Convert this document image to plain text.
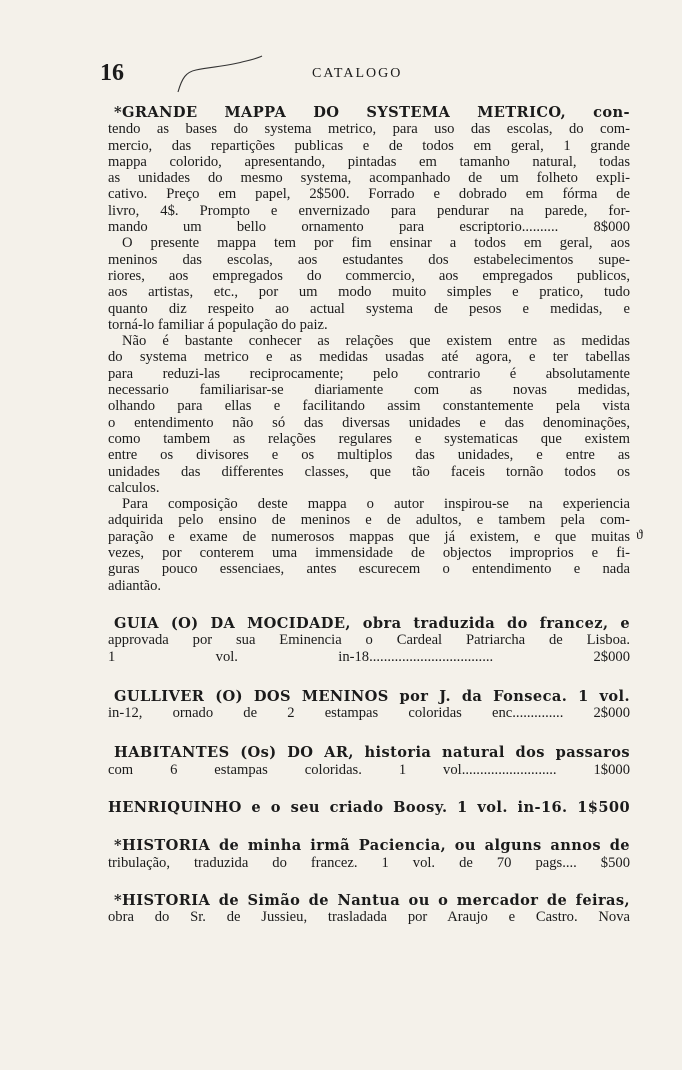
16	CATALOGO

*GRANDE MAPPA DO SYSTEMA METRICO, con-
tendo as bases do systema metrico, para uso das escolas, do com-
mercio, das repartições publicas e de todos em geral, 1 grande
mappa colorido, apresentando, pintadas em tamanho natural, todas
as unidades do mesmo systema, acompanhado de um folheto expli-
cativo. Preço em papel, 2$500. Forrado e dobrado em fórma de
livro, 4$. Prompto e envernizado para pendurar na parede, for-
mando um bello ornamento para escriptorio.......... 8$000

O presente mappa tem por fim ensinar a todos em geral, aos
meninos das escolas, aos estudantes dos estabelecimentos supe-
riores, aos empregados do commercio, aos empregados publicos,
aos artistas, etc., por um modo muito simples e pratico, tudo
quanto diz respeito ao actual systema de pesos e medidas, e
torná-lo familiar á população do paiz.

Não é bastante conhecer as relações que existem entre as medidas
do systema metrico e as medidas usadas até agora, e ter tabellas
para reduzi-las reciprocamente; pelo contrario é absolutamente
necessario familiarisar-se diariamente com as novas medidas,
olhando para ellas e facilitando assim constantemente pela vista
o entendimento não só das diversas unidades e das denominações,
como tambem as relações regulares e systematicas que existem
entre os divisores e os multiplos das unidades, e entre as
unidades das differentes classes, que tão faceis tornão todos os
calculos.

Para composição deste mappa o autor inspirou-se na experiencia
adquirida pelo ensino de meninos e de adultos, e tambem pela com-
paração e exame de numerosos mappas que já existem, e que muitas
vezes, por conterem uma immensidade de objectos improprios e fi-
guras pouco essenciaes, antes escurecem o entendimento e nada
adiantão.

GUIA (O) DA MOCIDADE, obra traduzida do francez, e
approvada por sua Eminencia o Cardeal Patriarcha de Lisboa.
1 vol. in-18.................................. 2$000
GULLIVER (O) DOS MENINOS por J. da Fonseca. 1 vol.
in-12, ornado de 2 estampas coloridas enc.............. 2$000
HABITANTES (Os) DO AR, historia natural dos passaros
com 6 estampas coloridas. 1 vol.......................... 1$000
HENRIQUINHO e o seu criado Boosy. 1 vol. in-16. 1$500
*HISTORIA de minha irmã Paciencia, ou alguns annos de
tribulação, traduzida do francez. 1 vol. de 70 pags.... $500
*HISTORIA de Simão de Nantua ou o mercador de feiras,
obra do Sr. de Jussieu, trasladada por Araujo e Castro. Nova
ϑ
